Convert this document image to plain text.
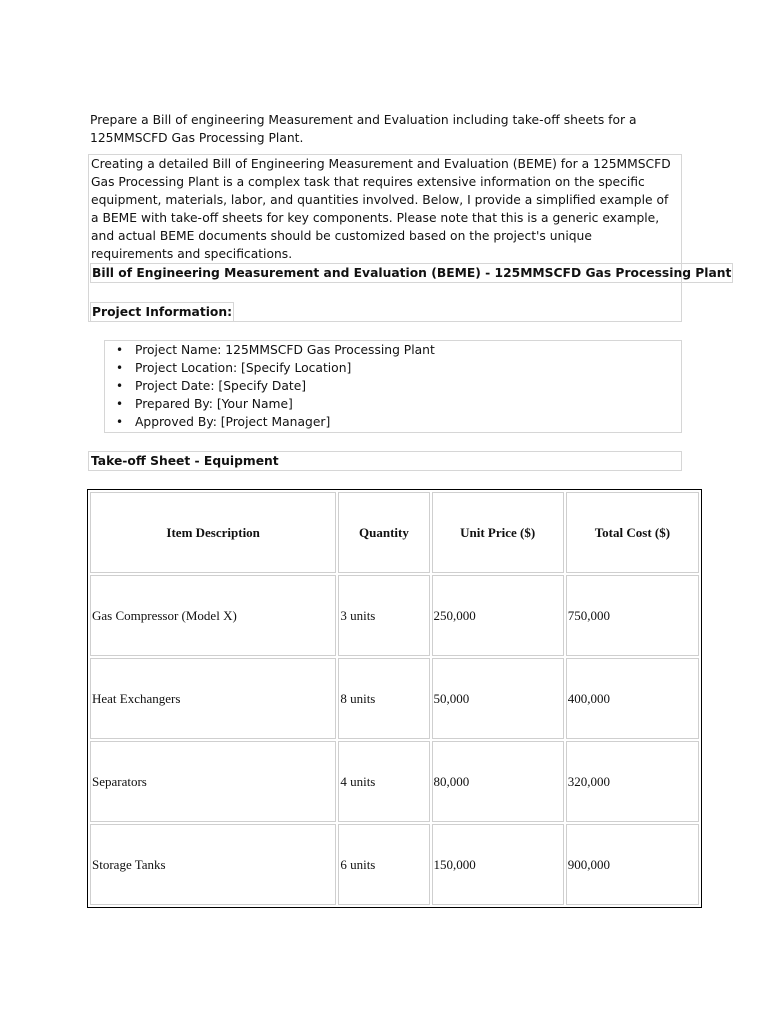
Prepare a Bill of engineering Measurement and Evaluation including take-off sheets for a 125MMSCFD Gas Processing Plant.
Creating a detailed Bill of Engineering Measurement and Evaluation (BEME) for a 125MMSCFD Gas Processing Plant is a complex task that requires extensive information on the specific equipment, materials, labor, and quantities involved. Below, I provide a simplified example of a BEME with take-off sheets for key components. Please note that this is a generic example, and actual BEME documents should be customized based on the project's unique requirements and specifications.
Bill of Engineering Measurement and Evaluation (BEME) - 125MMSCFD Gas Processing Plant
Project Information:
• Project Name: 125MMSCFD Gas Processing Plant
• Project Location: [Specify Location]
• Project Date: [Specify Date]
• Prepared By: [Your Name]
• Approved By: [Project Manager]
Take-off Sheet - Equipment
Item Description	Quantity	Unit Price ($)	Total Cost ($)
Gas Compressor (Model X)	3 units	250,000	750,000
Heat Exchangers	8 units	50,000	400,000
Separators	4 units	80,000	320,000
Storage Tanks	6 units	150,000	900,000
